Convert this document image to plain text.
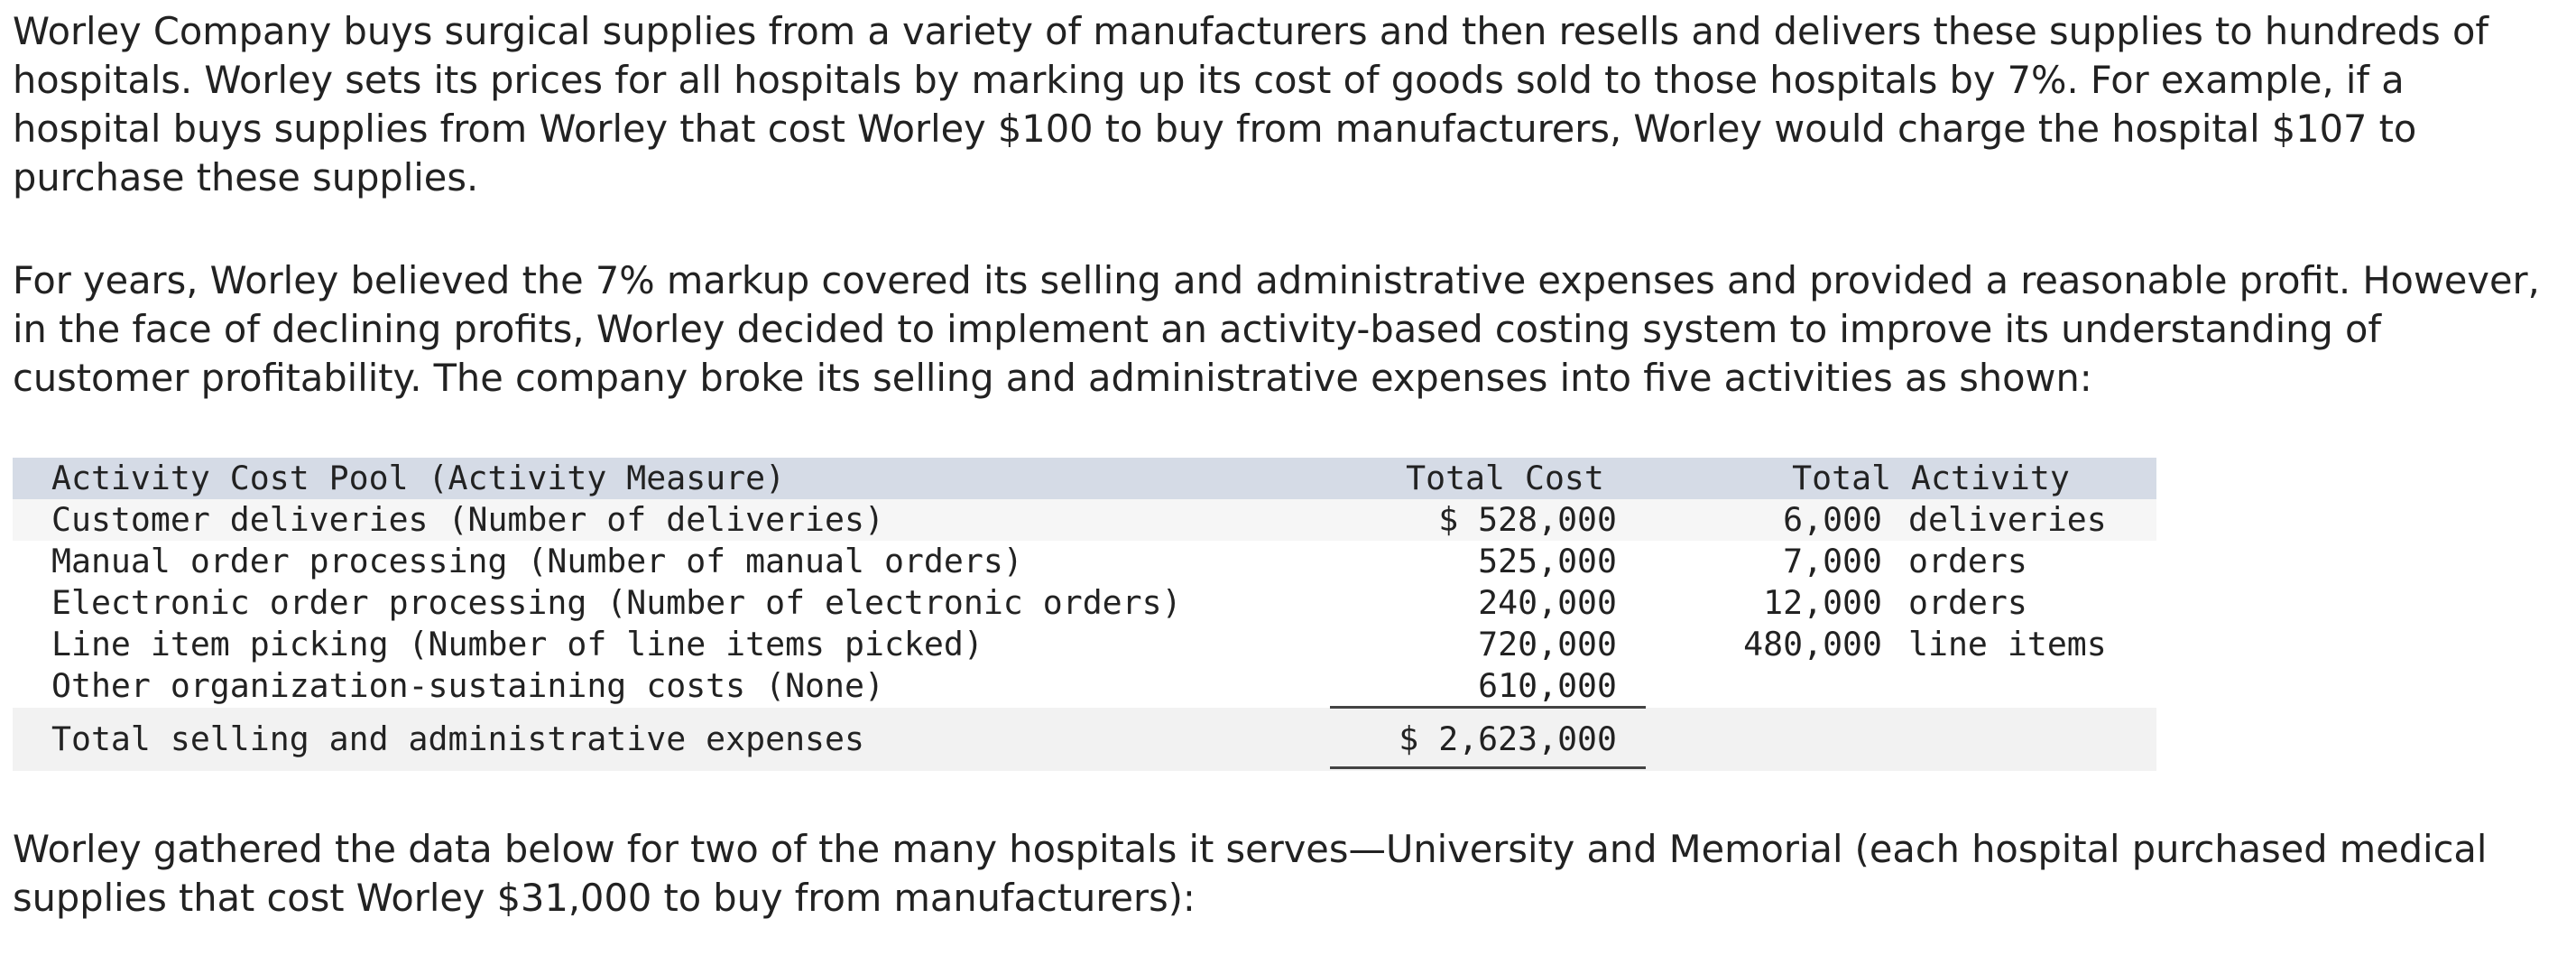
Worley Company buys surgical supplies from a variety of manufacturers and then resells and delivers these supplies to hundreds of hospitals. Worley sets its prices for all hospitals by marking up its cost of goods sold to those hospitals by 7%. For example, if a hospital buys supplies from Worley that cost Worley $100 to buy from manufacturers, Worley would charge the hospital $107 to purchase these supplies.

For years, Worley believed the 7% markup covered its selling and administrative expenses and provided a reasonable profit. However, in the face of declining profits, Worley decided to implement an activity-based costing system to improve its understanding of customer profitability. The company broke its selling and administrative expenses into five activities as shown:

Activity Cost Pool (Activity Measure)	Total Cost	Total Activity
Customer deliveries (Number of deliveries)	$ 528,000	6,000 deliveries
Manual order processing (Number of manual orders)	525,000	7,000 orders
Electronic order processing (Number of electronic orders)	240,000	12,000 orders
Line item picking (Number of line items picked)	720,000	480,000 line items
Other organization-sustaining costs (None)	610,000
Total selling and administrative expenses	$ 2,623,000

Worley gathered the data below for two of the many hospitals it serves—University and Memorial (each hospital purchased medical supplies that cost Worley $31,000 to buy from manufacturers):
